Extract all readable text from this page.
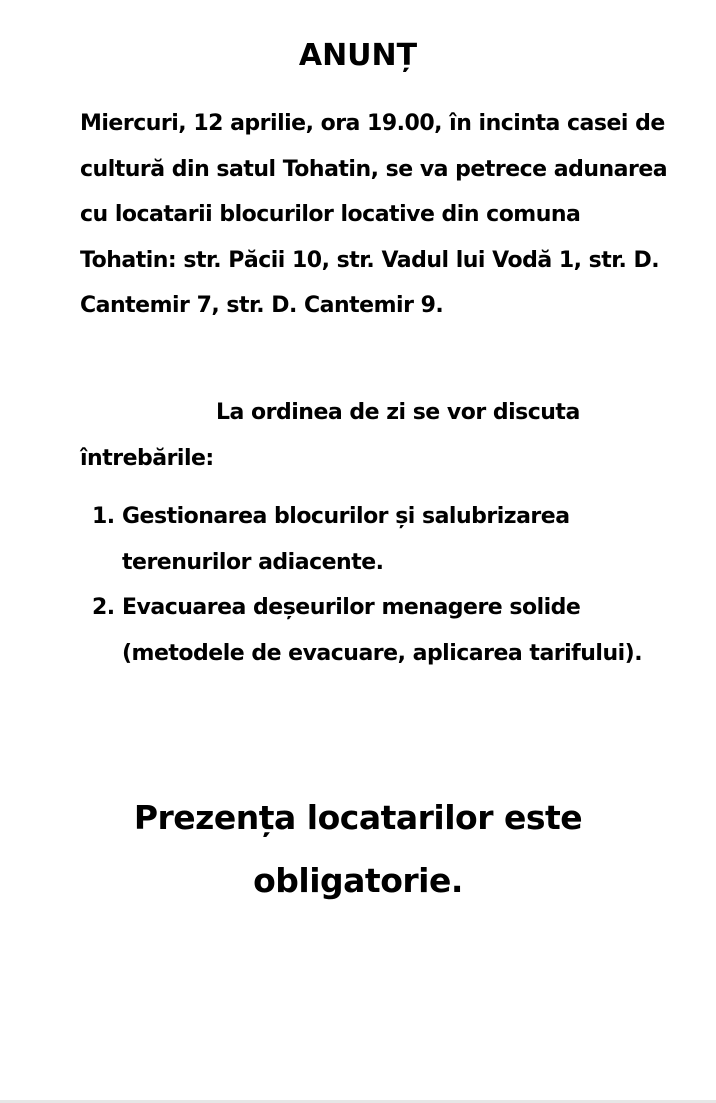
ANUNȚ

Miercuri, 12 aprilie, ora 19.00, în incinta casei de cultură din satul Tohatin, se va petrece adunarea cu locatarii blocurilor locative din comuna Tohatin: str. Păcii 10, str. Vadul lui Vodă 1, str. D. Cantemir 7, str. D. Cantemir 9.

La ordinea de zi se vor discuta întrebările:

1. Gestionarea blocurilor și salubrizarea terenurilor adiacente.
2. Evacuarea deșeurilor menagere solide (metodele de evacuare, aplicarea tarifului).

Prezența locatarilor este
obligatorie.
